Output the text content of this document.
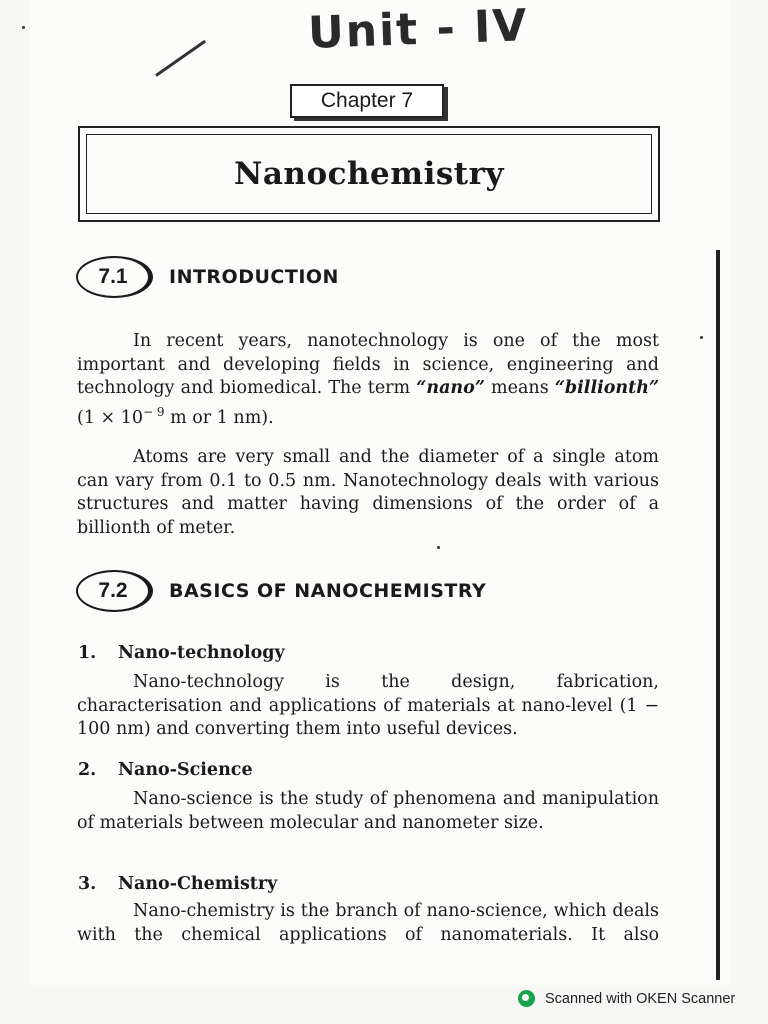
Unit - IV
Chapter 7
Nanochemistry
7.1	INTRODUCTION

In recent years, nanotechnology is one of the most important and developing fields in science, engineering and technology and biomedical. The term “nano” means “billionth” ($1 \times 10^{- 9}$ m or 1 nm).

Atoms are very small and the diameter of a single atom can vary from 0.1 to 0.5 nm. Nanotechnology deals with various structures and matter having dimensions of the order of a billionth of meter.

7.2	BASICS OF NANOCHEMISTRY
1. Nano-technology

Nano-technology is the design, fabrication, characterisation and applications of materials at nano-level (1 − 100 nm) and converting them into useful devices.

2. Nano-Science

Nano-science is the study of phenomena and manipulation of materials between molecular and nanometer size.

3. Nano-Chemistry

Nano-chemistry is the branch of nano-science, which deals with the chemical applications of nanomaterials. It also

Scanned with OKEN Scanner
